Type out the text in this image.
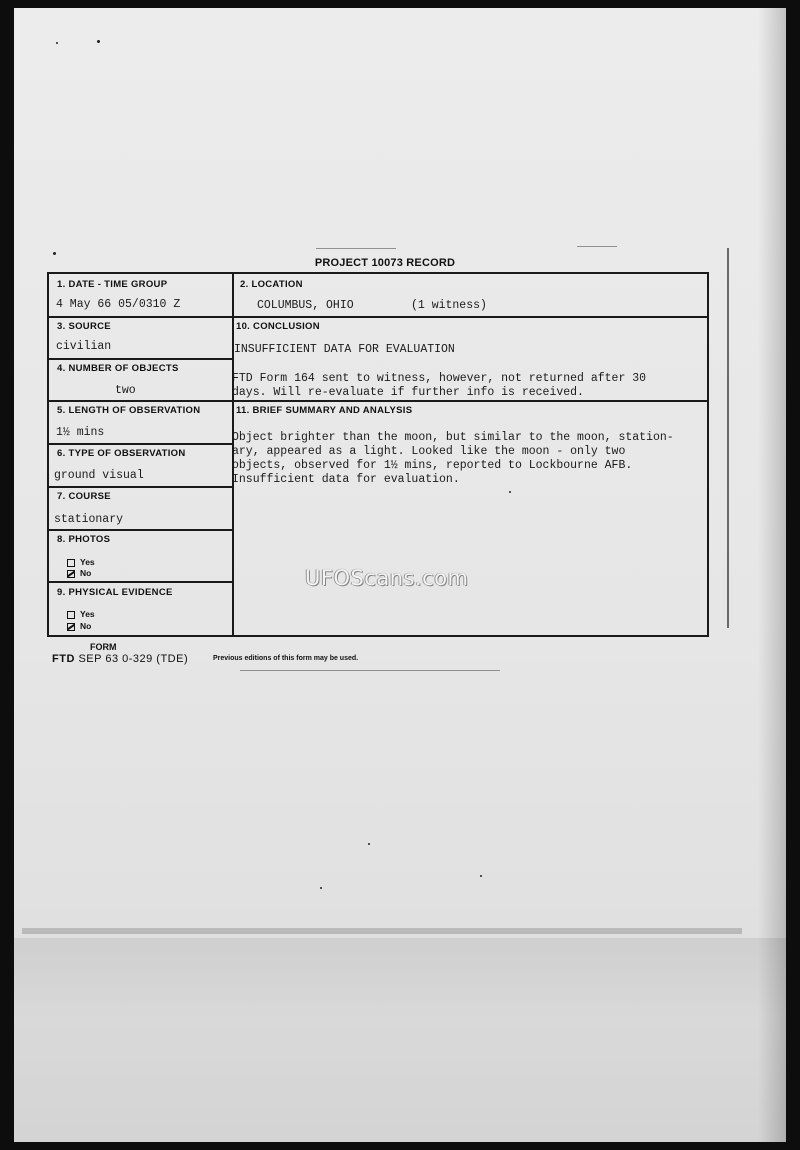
PROJECT 10073 RECORD
1. DATE - TIME GROUP
4 May 66 05/0310 Z
3. SOURCE
civilian
4. NUMBER OF OBJECTS
two
5. LENGTH OF OBSERVATION
1½ mins
6. TYPE OF OBSERVATION
ground visual
7. COURSE
stationary
8. PHOTOS
Yes
No
9. PHYSICAL EVIDENCE
Yes
No
2. LOCATION
COLUMBUS, OHIO	(1 witness)
10. CONCLUSION
INSUFFICIENT DATA FOR EVALUATION
FTD Form 164 sent to witness, however, not returned after 30
days. Will re-evaluate if further info is received.
11. BRIEF SUMMARY AND ANALYSIS
Object brighter than the moon, but similar to the moon, station-
ary, appeared as a light. Looked like the moon - only two
objects, observed for 1½ mins, reported to Lockbourne AFB.
Insufficient data for evaluation.
UFOScans.com
FORM
FTD SEP 63 0-329 (TDE)	Previous editions of this form may be used.
